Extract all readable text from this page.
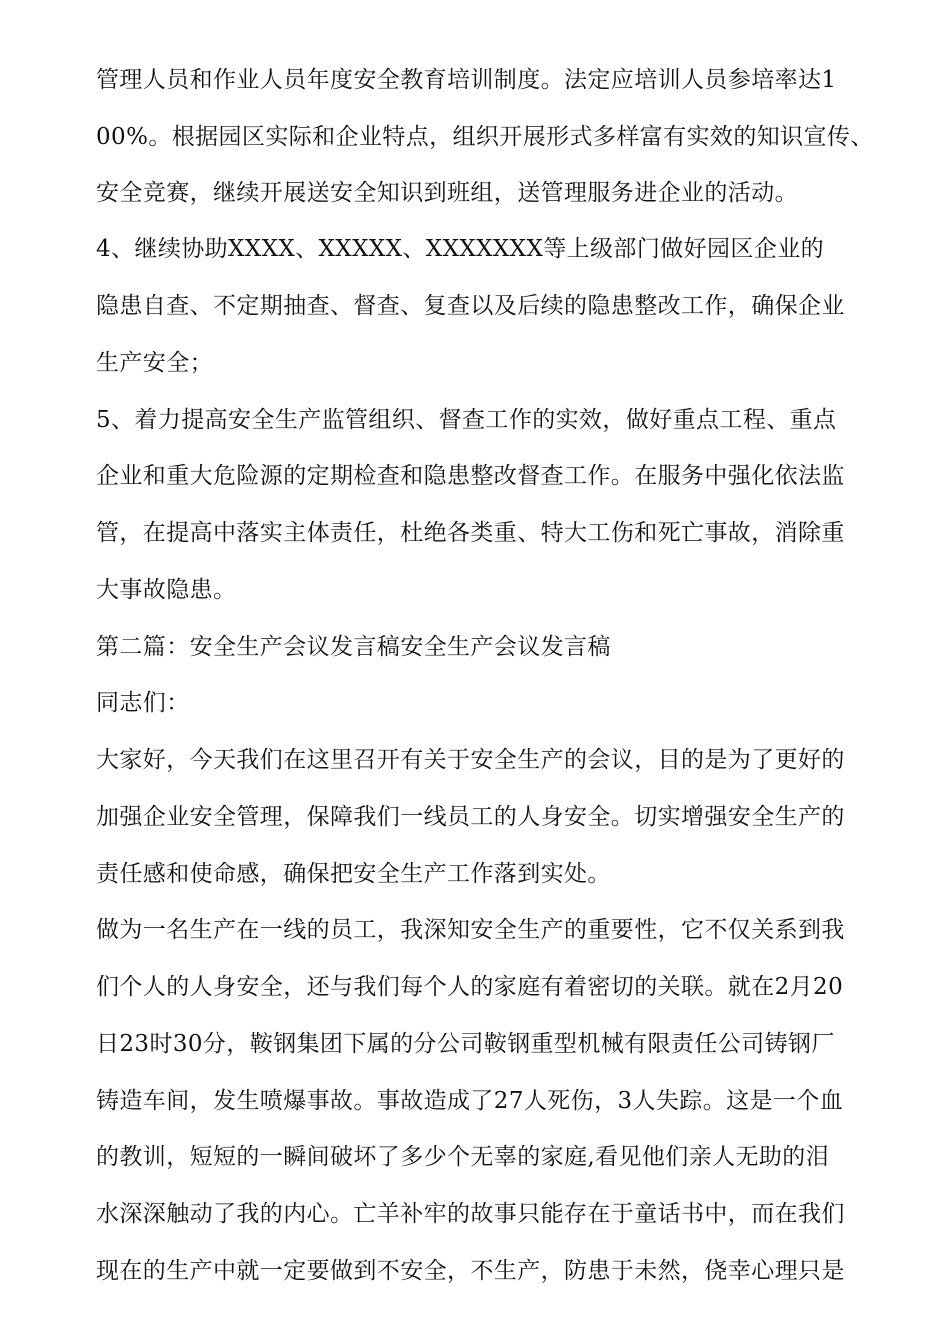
管理人员和作业人员年度安全教育培训制度。法定应培训人员参培率达1
00%。根据园区实际和企业特点，组织开展形式多样富有实效的知识宣传、
安全竞赛，继续开展送安全知识到班组，送管理服务进企业的活动。
4、继续协助XXXX、XXXXX、XXXXXXX等上级部门做好园区企业的
隐患自查、不定期抽查、督查、复查以及后续的隐患整改工作，确保企业
生产安全；
5、着力提高安全生产监管组织、督查工作的实效，做好重点工程、重点
企业和重大危险源的定期检查和隐患整改督查工作。在服务中强化依法监
管，在提高中落实主体责任，杜绝各类重、特大工伤和死亡事故，消除重
大事故隐患。
第二篇：安全生产会议发言稿安全生产会议发言稿
同志们：
大家好，今天我们在这里召开有关于安全生产的会议，目的是为了更好的
加强企业安全管理，保障我们一线员工的人身安全。切实增强安全生产的
责任感和使命感，确保把安全生产工作落到实处。
做为一名生产在一线的员工，我深知安全生产的重要性，它不仅关系到我
们个人的人身安全，还与我们每个人的家庭有着密切的关联。就在2月20
日23时30分，鞍钢集团下属的分公司鞍钢重型机械有限责任公司铸钢厂
铸造车间，发生喷爆事故。事故造成了27人死伤，3人失踪。这是一个血
的教训，短短的一瞬间破坏了多少个无辜的家庭,看见他们亲人无助的泪
水深深触动了我的内心。亡羊补牢的故事只能存在于童话书中，而在我们
现在的生产中就一定要做到不安全，不生产，防患于未然，侥幸心理只是
